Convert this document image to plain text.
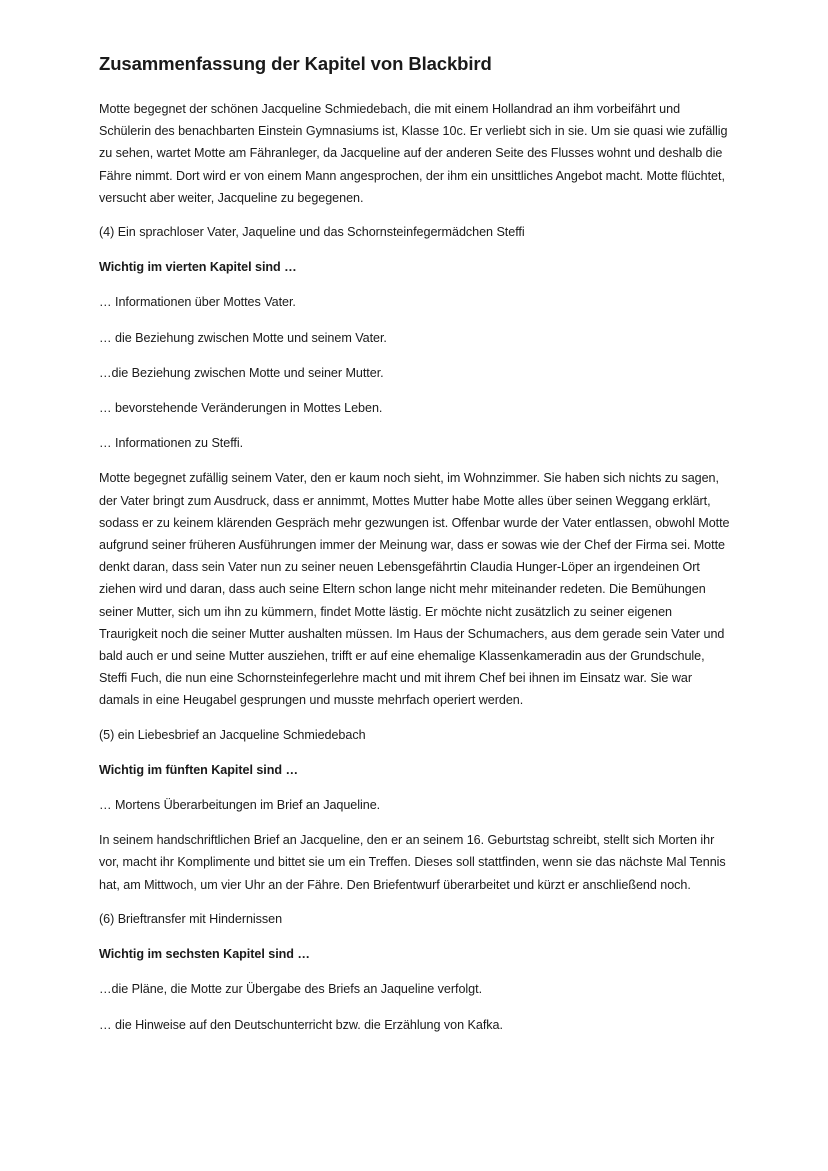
Zusammenfassung der Kapitel von Blackbird

Motte begegnet der schönen Jacqueline Schmiedebach, die mit einem Hollandrad an ihm vorbeifährt und Schülerin des benachbarten Einstein Gymnasiums ist, Klasse 10c. Er verliebt sich in sie. Um sie quasi wie zufällig zu sehen, wartet Motte am Fähranleger, da Jacqueline auf der anderen Seite des Flusses wohnt und deshalb die Fähre nimmt. Dort wird er von einem Mann angesprochen, der ihm ein unsittliches Angebot macht. Motte flüchtet, versucht aber weiter, Jacqueline zu begegenen.

(4) Ein sprachloser Vater, Jaqueline und das Schornsteinfegermädchen Steffi

Wichtig im vierten Kapitel sind …

… Informationen über Mottes Vater.

… die Beziehung zwischen Motte und seinem Vater.

…die Beziehung zwischen Motte und seiner Mutter.

… bevorstehende Veränderungen in Mottes Leben.

… Informationen zu Steffi.

Motte begegnet zufällig seinem Vater, den er kaum noch sieht, im Wohnzimmer. Sie haben sich nichts zu sagen, der Vater bringt zum Ausdruck, dass er annimmt, Mottes Mutter habe Motte alles über seinen Weggang erklärt, sodass er zu keinem klärenden Gespräch mehr gezwungen ist. Offenbar wurde der Vater entlassen, obwohl Motte aufgrund seiner früheren Ausführungen immer der Meinung war, dass er sowas wie der Chef der Firma sei. Motte denkt daran, dass sein Vater nun zu seiner neuen Lebensgefährtin Claudia Hunger-Löper an irgendeinen Ort ziehen wird und daran, dass auch seine Eltern schon lange nicht mehr miteinander redeten. Die Bemühungen seiner Mutter, sich um ihn zu kümmern, findet Motte lästig. Er möchte nicht zusätzlich zu seiner eigenen Traurigkeit noch die seiner Mutter aushalten müssen. Im Haus der Schumachers, aus dem gerade sein Vater und bald auch er und seine Mutter ausziehen, trifft er auf eine ehemalige Klassenkameradin aus der Grundschule, Steffi Fuch, die nun eine Schornsteinfegerlehre macht und mit ihrem Chef bei ihnen im Einsatz war. Sie war damals in eine Heugabel gesprungen und musste mehrfach operiert werden.

(5) ein Liebesbrief an Jacqueline Schmiedebach

Wichtig im fünften Kapitel sind …

… Mortens Überarbeitungen im Brief an Jaqueline.

In seinem handschriftlichen Brief an Jacqueline, den er an seinem 16. Geburtstag schreibt, stellt sich Morten ihr vor, macht ihr Komplimente und bittet sie um ein Treffen. Dieses soll stattfinden, wenn sie das nächste Mal Tennis hat, am Mittwoch, um vier Uhr an der Fähre. Den Briefentwurf überarbeitet und kürzt er anschließend noch.

(6) Brieftransfer mit Hindernissen

Wichtig im sechsten Kapitel sind …

…die Pläne, die Motte zur Übergabe des Briefs an Jaqueline verfolgt.

… die Hinweise auf den Deutschunterricht bzw. die Erzählung von Kafka.
